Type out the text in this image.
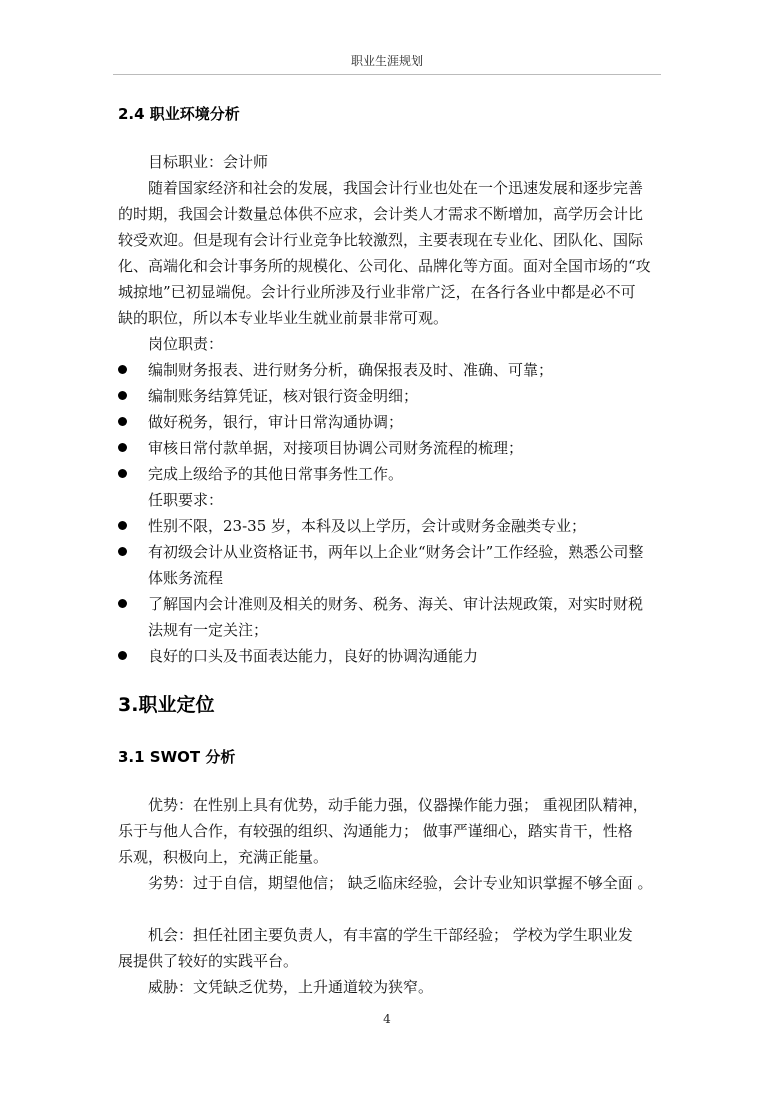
职业生涯规划
2.4 职业环境分析
目标职业：会计师
随着国家经济和社会的发展，我国会计行业也处在一个迅速发展和逐步完善
的时期，我国会计数量总体供不应求，会计类人才需求不断增加，高学历会计比
较受欢迎。但是现有会计行业竞争比较激烈，主要表现在专业化、团队化、国际
化、高端化和会计事务所的规模化、公司化、品牌化等方面。面对全国市场的“攻
城掠地”已初显端倪。会计行业所涉及行业非常广泛，在各行各业中都是必不可
缺的职位，所以本专业毕业生就业前景非常可观。
岗位职责：
编制财务报表、进行财务分析，确保报表及时、准确、可靠；
编制账务结算凭证，核对银行资金明细；
做好税务，银行，审计日常沟通协调；
审核日常付款单据，对接项目协调公司财务流程的梳理；
完成上级给予的其他日常事务性工作。
任职要求：
性别不限，23-35 岁，本科及以上学历，会计或财务金融类专业；
有初级会计从业资格证书，两年以上企业“财务会计”工作经验，熟悉公司整
体账务流程
了解国内会计准则及相关的财务、税务、海关、审计法规政策，对实时财税
法规有一定关注；
良好的口头及书面表达能力，良好的协调沟通能力
3.职业定位
3.1 SWOT 分析
优势：在性别上具有优势，动手能力强，仪器操作能力强； 重视团队精神，
乐于与他人合作，有较强的组织、沟通能力； 做事严谨细心，踏实肯干，性格
乐观，积极向上，充满正能量。
劣势：过于自信，期望他信； 缺乏临床经验，会计专业知识掌握不够全面 。
机会：担任社团主要负责人，有丰富的学生干部经验； 学校为学生职业发
展提供了较好的实践平台。
威胁：文凭缺乏优势，上升通道较为狭窄。
4
